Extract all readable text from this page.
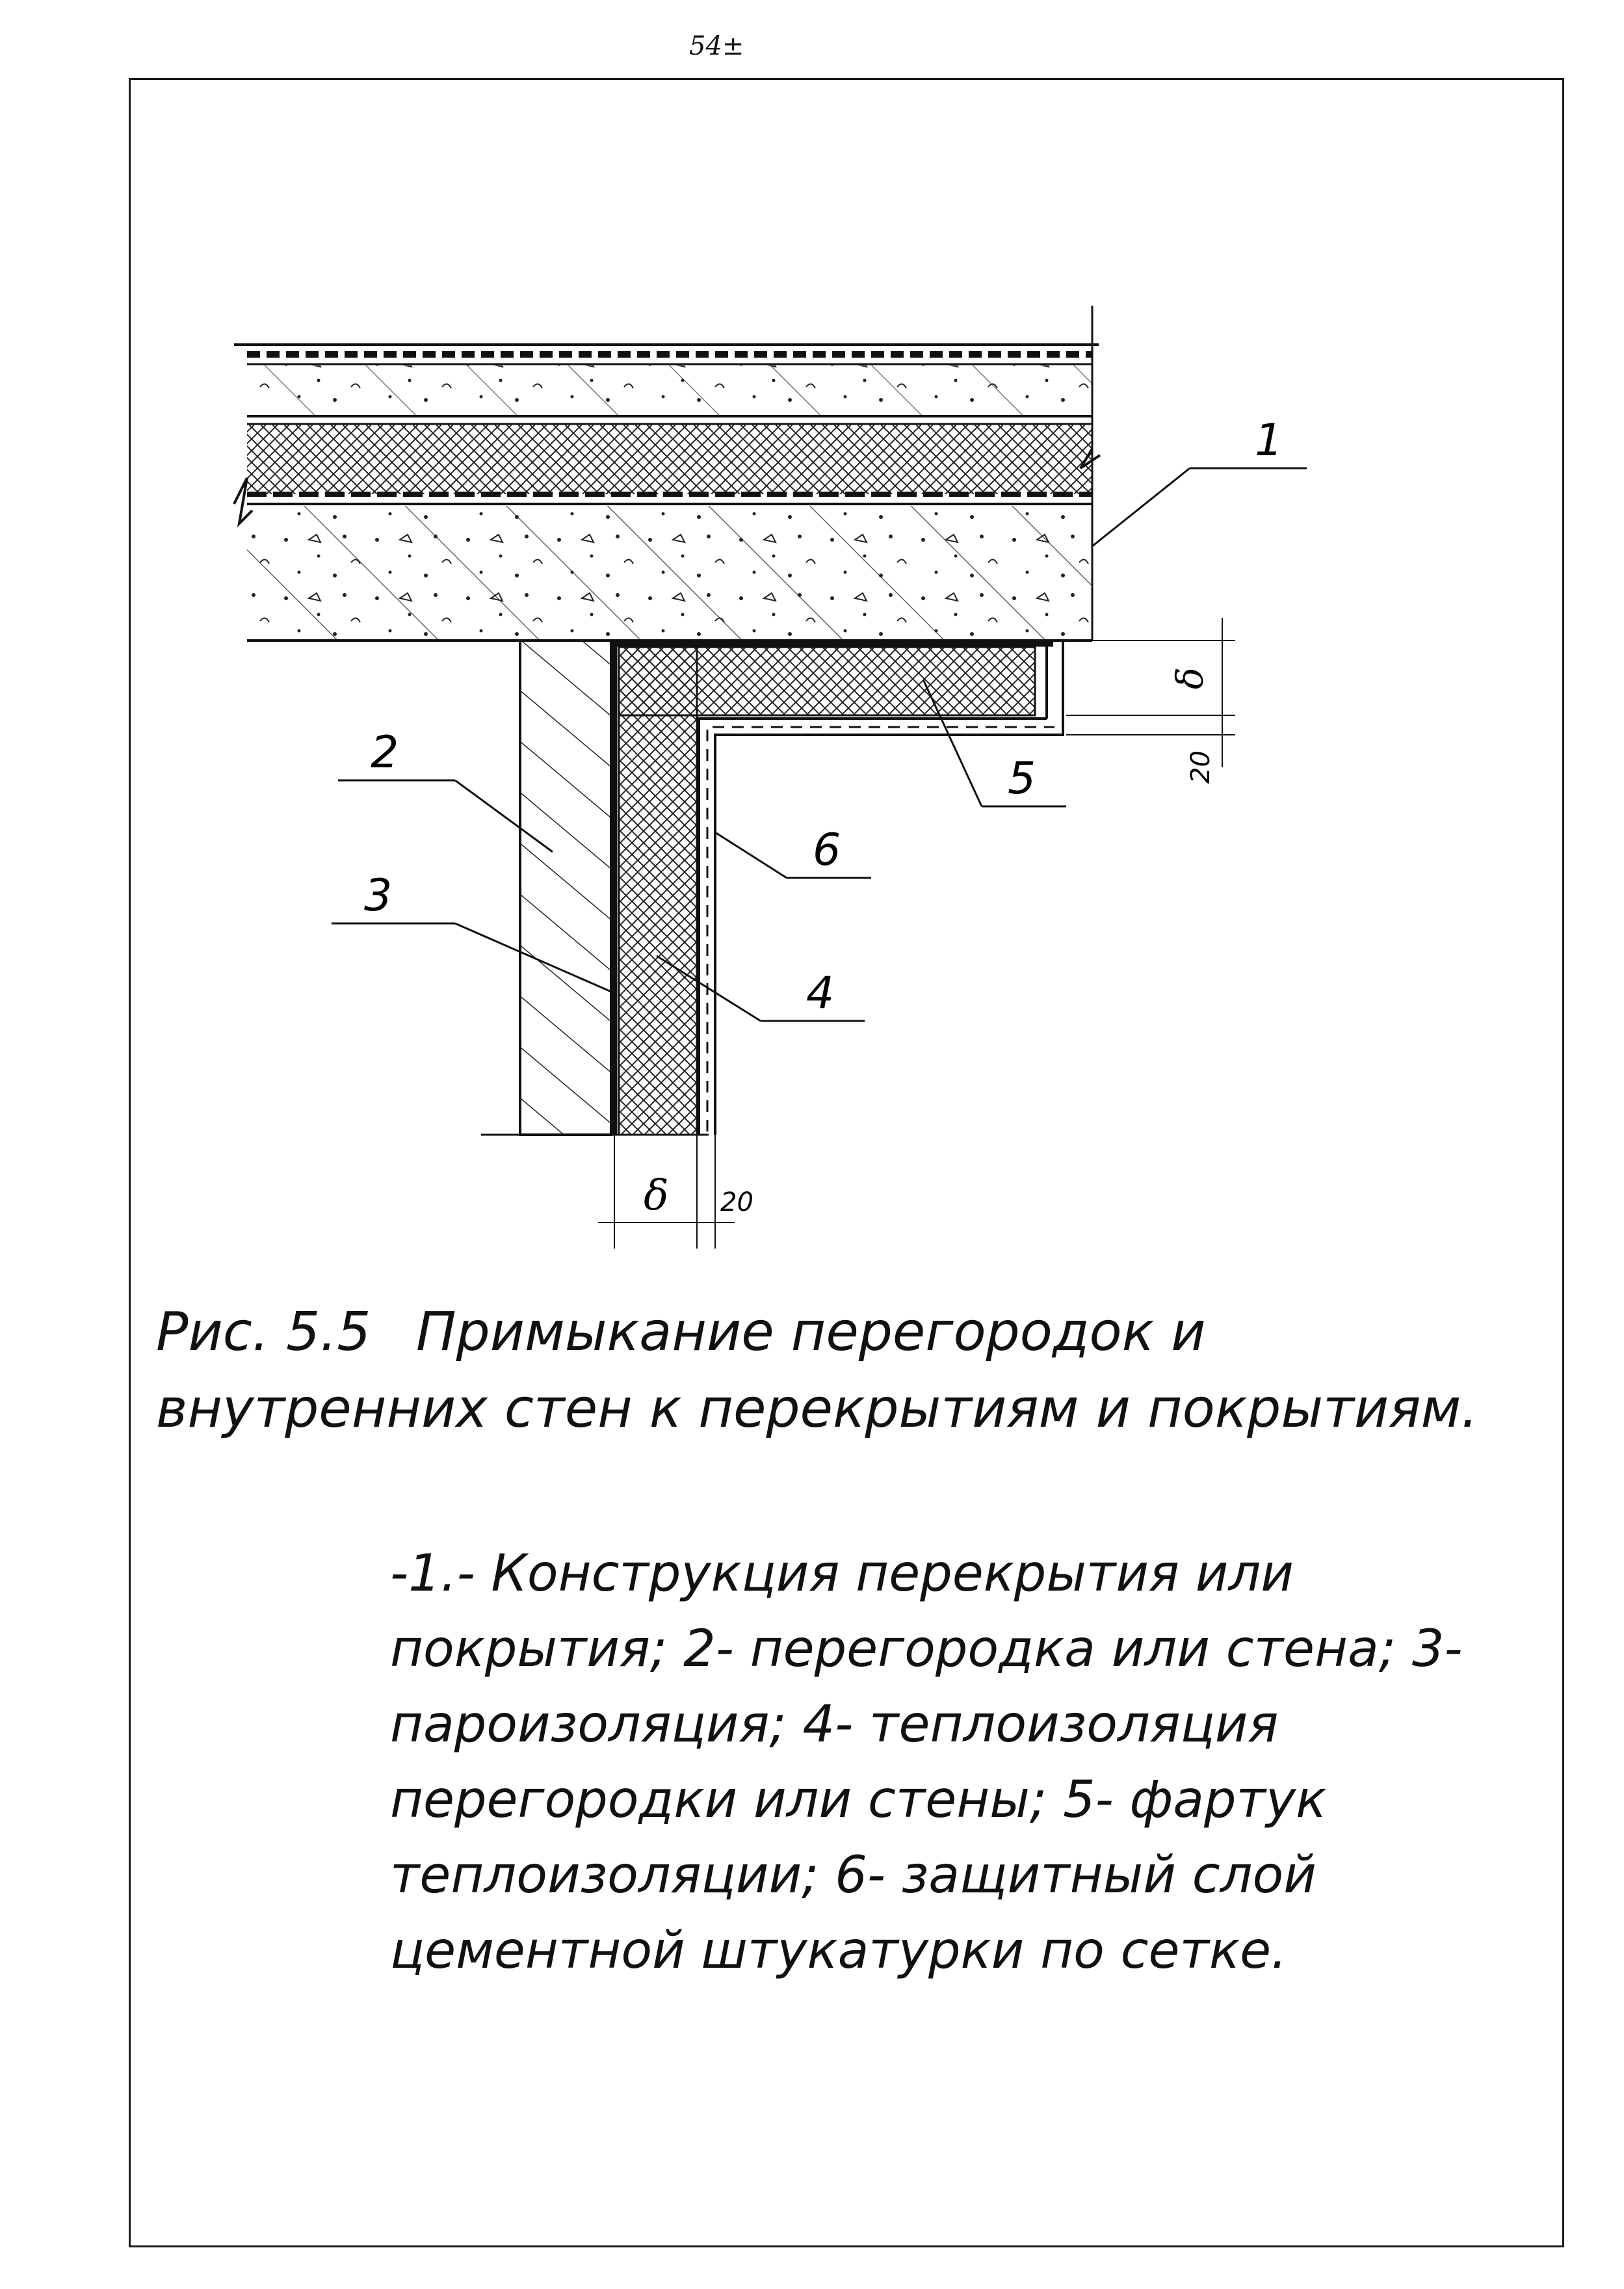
54±
δ
20
δ 20
1
2
3
4
5
6
Рис. 5.5 Примыкание перегородок и внутренних стен к перекрытиям и покрытиям.
-1.- Конструкция перекрытия или покрытия; 2- перегородка или стена; 3- пароизоляция; 4- теплоизоляция перегородки или стены; 5- фартук теплоизоляции; 6- защитный слой цементной штукатурки по сетке.
